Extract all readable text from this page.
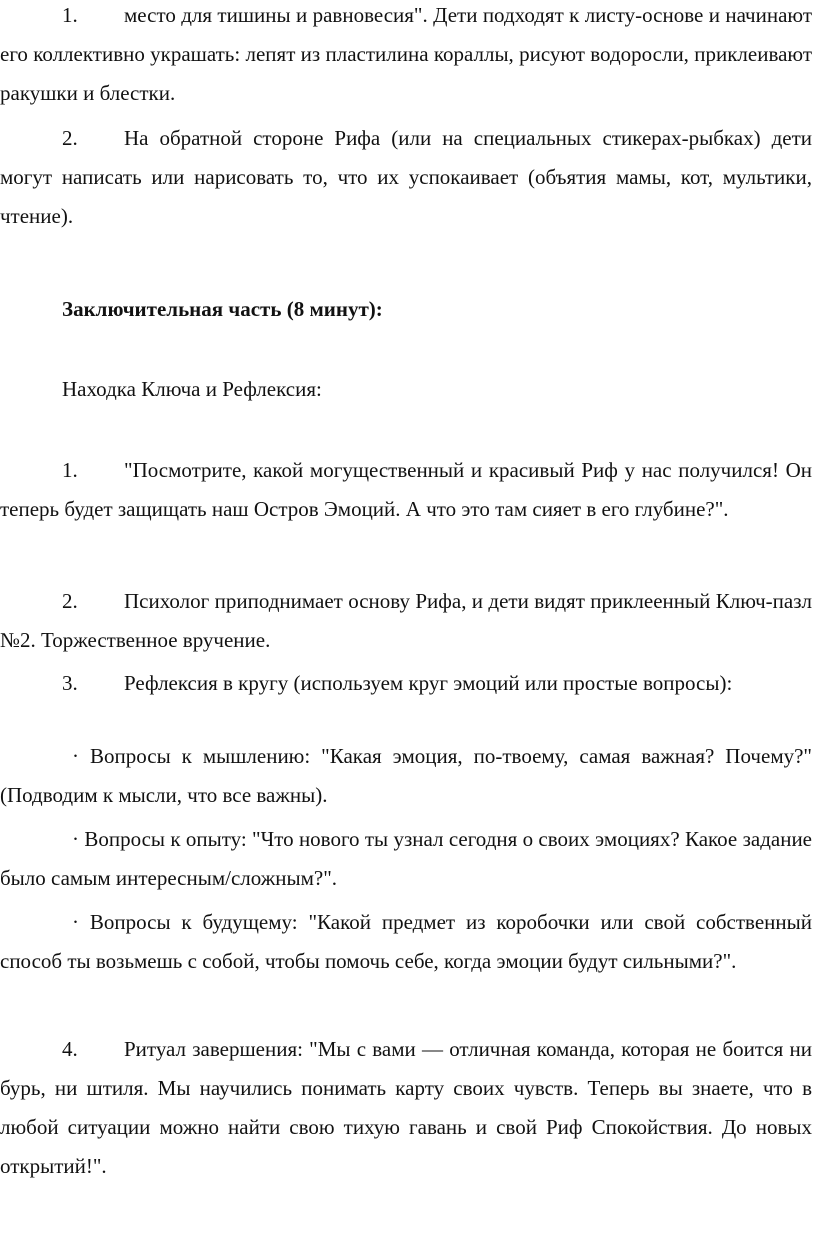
1. место для тишины и равновесия". Дети подходят к листу-основе и начинают его коллективно украшать: лепят из пластилина кораллы, рисуют водоросли, приклеивают ракушки и блестки.

2. На обратной стороне Рифа (или на специальных стикерах-рыбках) дети могут написать или нарисовать то, что их успокаивает (объятия мамы, кот, мультики, чтение).

Заключительная часть (8 минут):

Находка Ключа и Рефлексия:

1. "Посмотрите, какой могущественный и красивый Риф у нас получился! Он теперь будет защищать наш Остров Эмоций. А что это там сияет в его глубине?".

2. Психолог приподнимает основу Рифа, и дети видят приклеенный Ключ-пазл №2. Торжественное вручение.

3. Рефлексия в кругу (используем круг эмоций или простые вопросы):

· Вопросы к мышлению: "Какая эмоция, по-твоему, самая важная? Почему?" (Подводим к мысли, что все важны).

· Вопросы к опыту: "Что нового ты узнал сегодня о своих эмоциях? Какое задание было самым интересным/сложным?".

· Вопросы к будущему: "Какой предмет из коробочки или свой собственный способ ты возьмешь с собой, чтобы помочь себе, когда эмоции будут сильными?".

4. Ритуал завершения: "Мы с вами — отличная команда, которая не боится ни бурь, ни штиля. Мы научились понимать карту своих чувств. Теперь вы знаете, что в любой ситуации можно найти свою тихую гавань и свой Риф Спокойствия. До новых открытий!".
